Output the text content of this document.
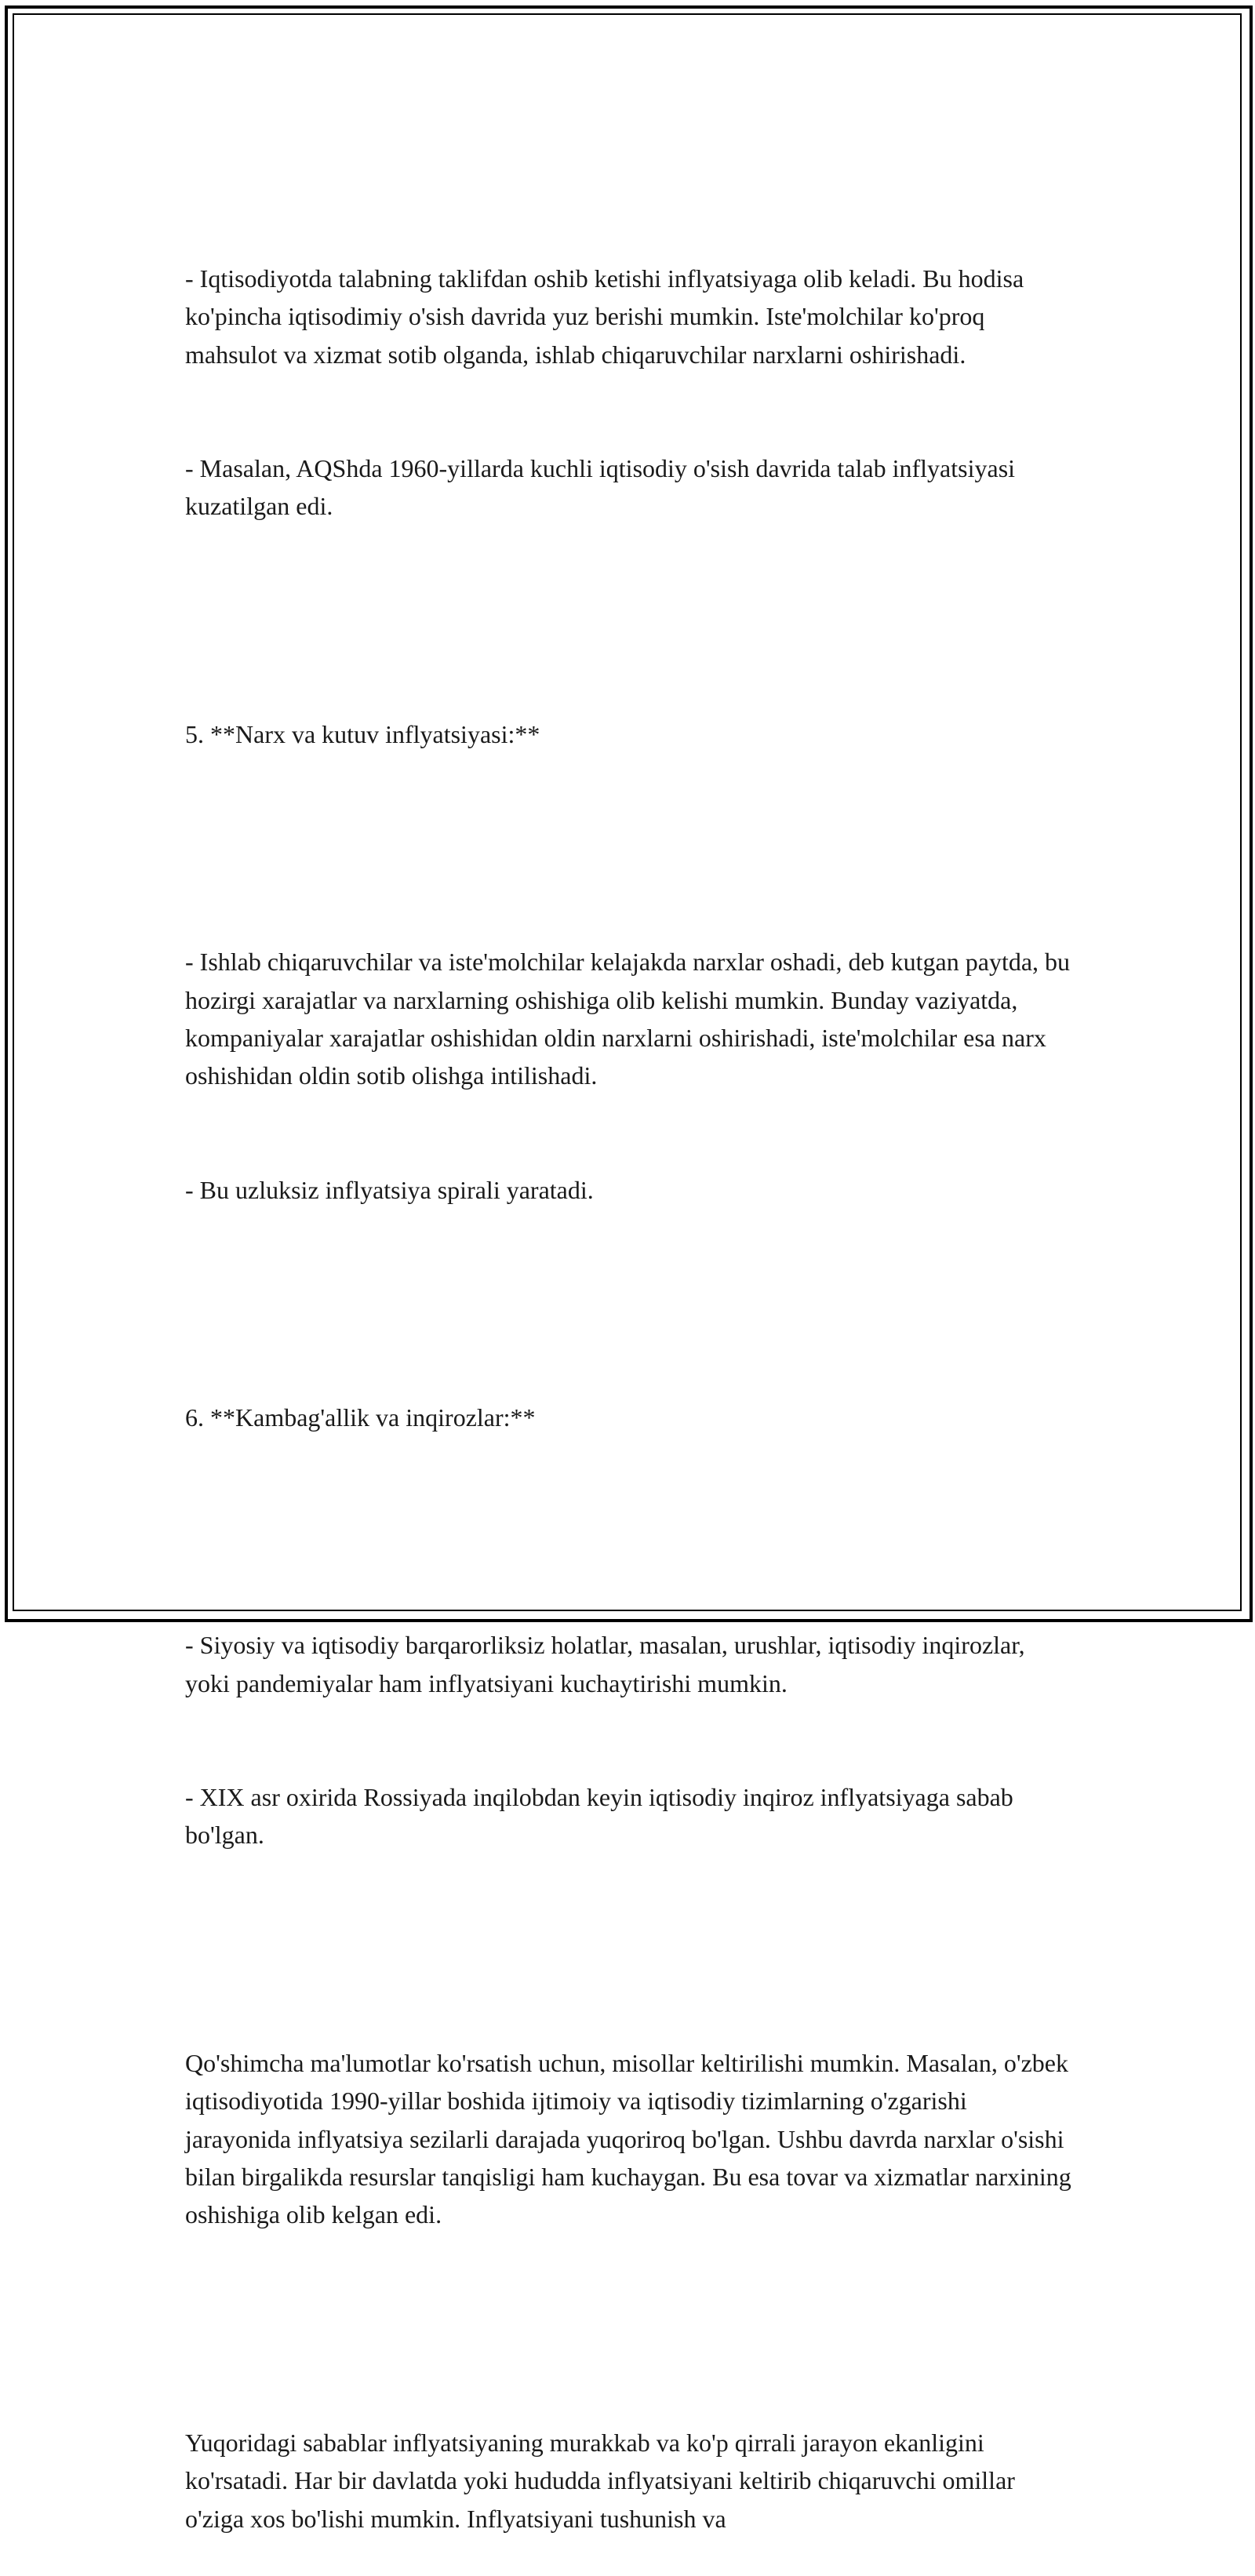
- Iqtisodiyotda talabning taklifdan oshib ketishi inflyatsiyaga olib keladi. Bu hodisa ko'pincha iqtisodimiy o'sish davrida yuz berishi mumkin. Iste'molchilar ko'proq mahsulot va xizmat sotib olganda, ishlab chiqaruvchilar narxlarni oshirishadi.

- Masalan, AQShda 1960-yillarda kuchli iqtisodiy o'sish davrida talab inflyatsiyasi kuzatilgan edi.

5. **Narx va kutuv inflyatsiyasi:**

- Ishlab chiqaruvchilar va iste'molchilar kelajakda narxlar oshadi, deb kutgan paytda, bu hozirgi xarajatlar va narxlarning oshishiga olib kelishi mumkin. Bunday vaziyatda, kompaniyalar xarajatlar oshishidan oldin narxlarni oshirishadi, iste'molchilar esa narx oshishidan oldin sotib olishga intilishadi.

- Bu uzluksiz inflyatsiya spirali yaratadi.

6. **Kambag'allik va inqirozlar:**

- Siyosiy va iqtisodiy barqarorliksiz holatlar, masalan, urushlar, iqtisodiy inqirozlar, yoki pandemiyalar ham inflyatsiyani kuchaytirishi mumkin.

- XIX asr oxirida Rossiyada inqilobdan keyin iqtisodiy inqiroz inflyatsiyaga sabab bo'lgan.

Qo'shimcha ma'lumotlar ko'rsatish uchun, misollar keltirilishi mumkin. Masalan, o'zbek iqtisodiyotida 1990-yillar boshida ijtimoiy va iqtisodiy tizimlarning o'zgarishi jarayonida inflyatsiya sezilarli darajada yuqoriroq bo'lgan. Ushbu davrda narxlar o'sishi bilan birgalikda resurslar tanqisligi ham kuchaygan. Bu esa tovar va xizmatlar narxining oshishiga olib kelgan edi.

Yuqoridagi sabablar inflyatsiyaning murakkab va ko'p qirrali jarayon ekanligini ko'rsatadi. Har bir davlatda yoki hududda inflyatsiyani keltirib chiqaruvchi omillar o'ziga xos bo'lishi mumkin. Inflyatsiyani tushunish va
